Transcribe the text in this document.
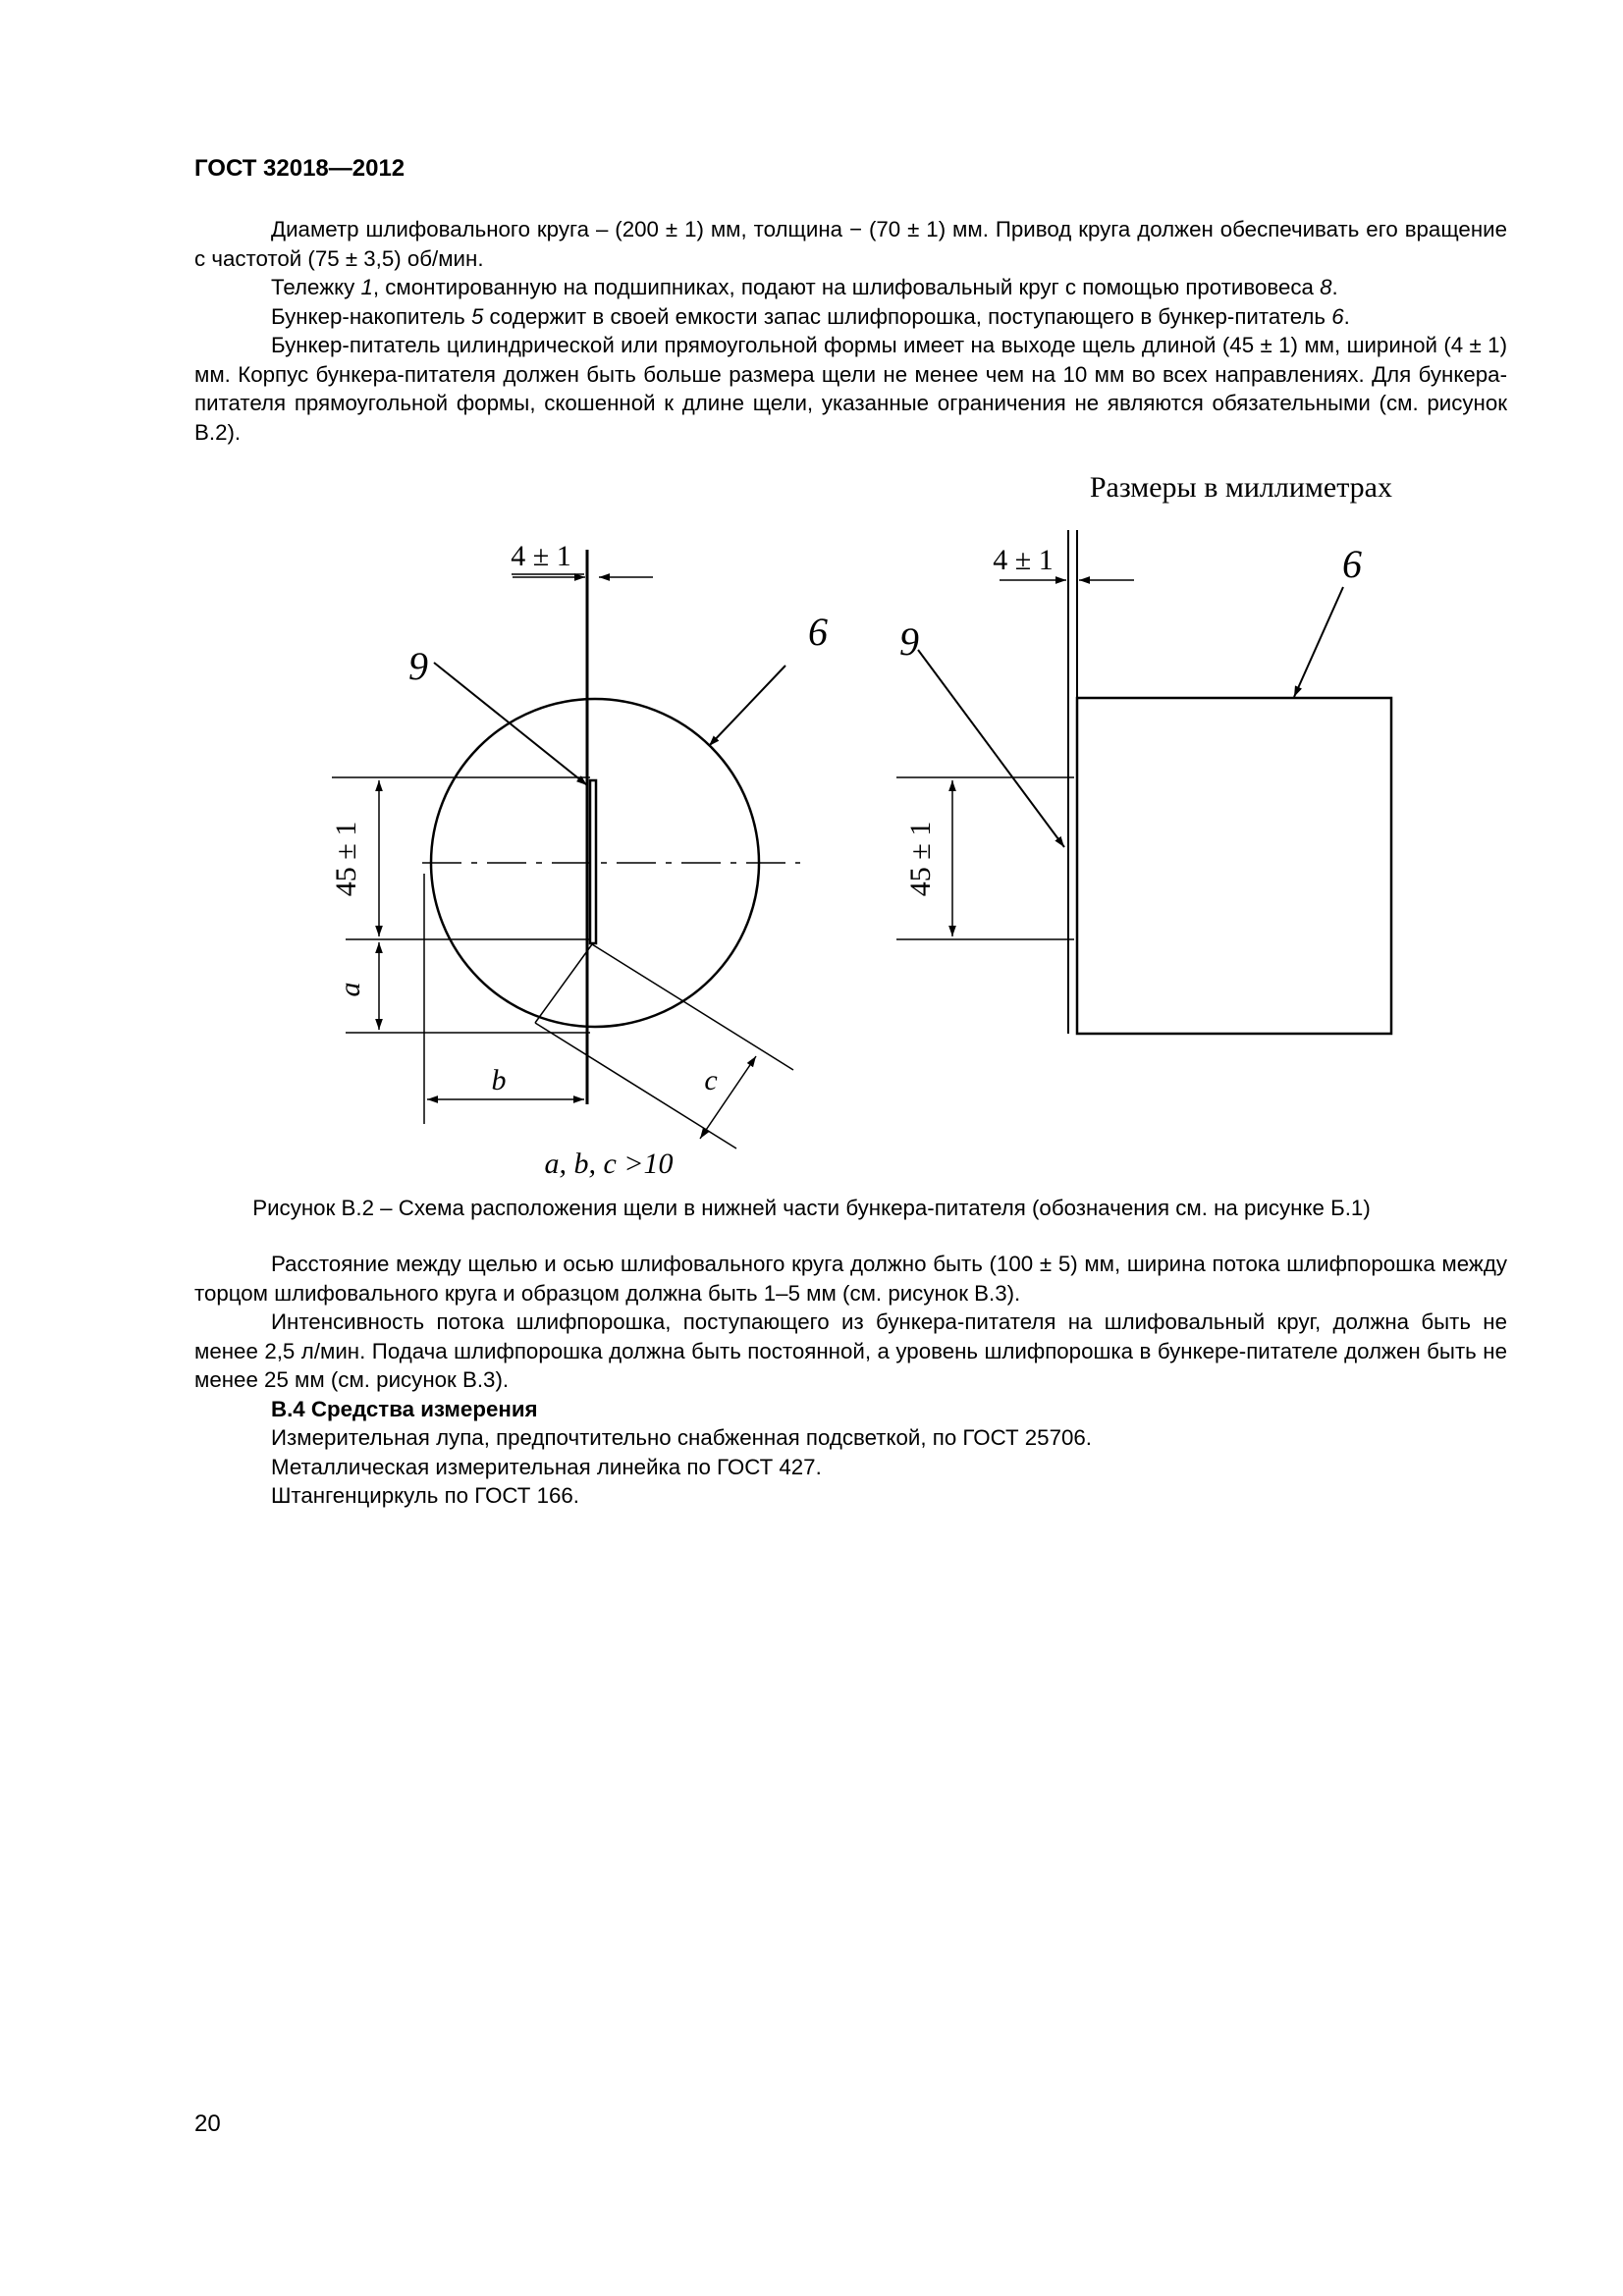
ГОСТ 32018—2012

Диаметр шлифовального круга – (200 ± 1) мм, толщина − (70 ± 1) мм. Привод круга должен обеспечивать его вращение с частотой (75 ± 3,5) об/мин.

Тележку 1, смонтированную на подшипниках, подают на шлифовальный круг с помощью противовеса 8.

Бункер-накопитель 5 содержит в своей емкости запас шлифпорошка, поступающего в бункер-питатель 6.

Бункер-питатель цилиндрической или прямоугольной формы имеет на выходе щель длиной (45 ± 1) мм, шириной (4 ± 1) мм. Корпус бункера-питателя должен быть больше размера щели не менее чем на 10 мм во всех направлениях. Для бункера-питателя прямоугольной формы, скошенной к длине щели, указанные ограничения не являются обязательными (см. рисунок В.2).

Размеры в миллиметрах
4 ± 1
45 ± 1
a
b	c
9
6
a, b, c >10
4 ± 1
45 ± 1
9
6
Рисунок В.2 – Схема расположения щели в нижней части бункера-питателя (обозначения см. на рисунке Б.1)

Расстояние между щелью и осью шлифовального круга должно быть (100 ± 5) мм, ширина потока шлифпорошка между торцом шлифовального круга и образцом должна быть 1–5 мм (см. рисунок В.3).

Интенсивность потока шлифпорошка, поступающего из бункера-питателя на шлифовальный круг, должна быть не менее 2,5 л/мин. Подача шлифпорошка должна быть постоянной, а уровень шлифпорошка в бункере-питателе должен быть не менее 25 мм (см. рисунок В.3).

В.4 Средства измерения

Измерительная лупа, предпочтительно снабженная подсветкой, по ГОСТ 25706.

Металлическая измерительная линейка по ГОСТ 427.

Штангенциркуль по ГОСТ 166.

20
